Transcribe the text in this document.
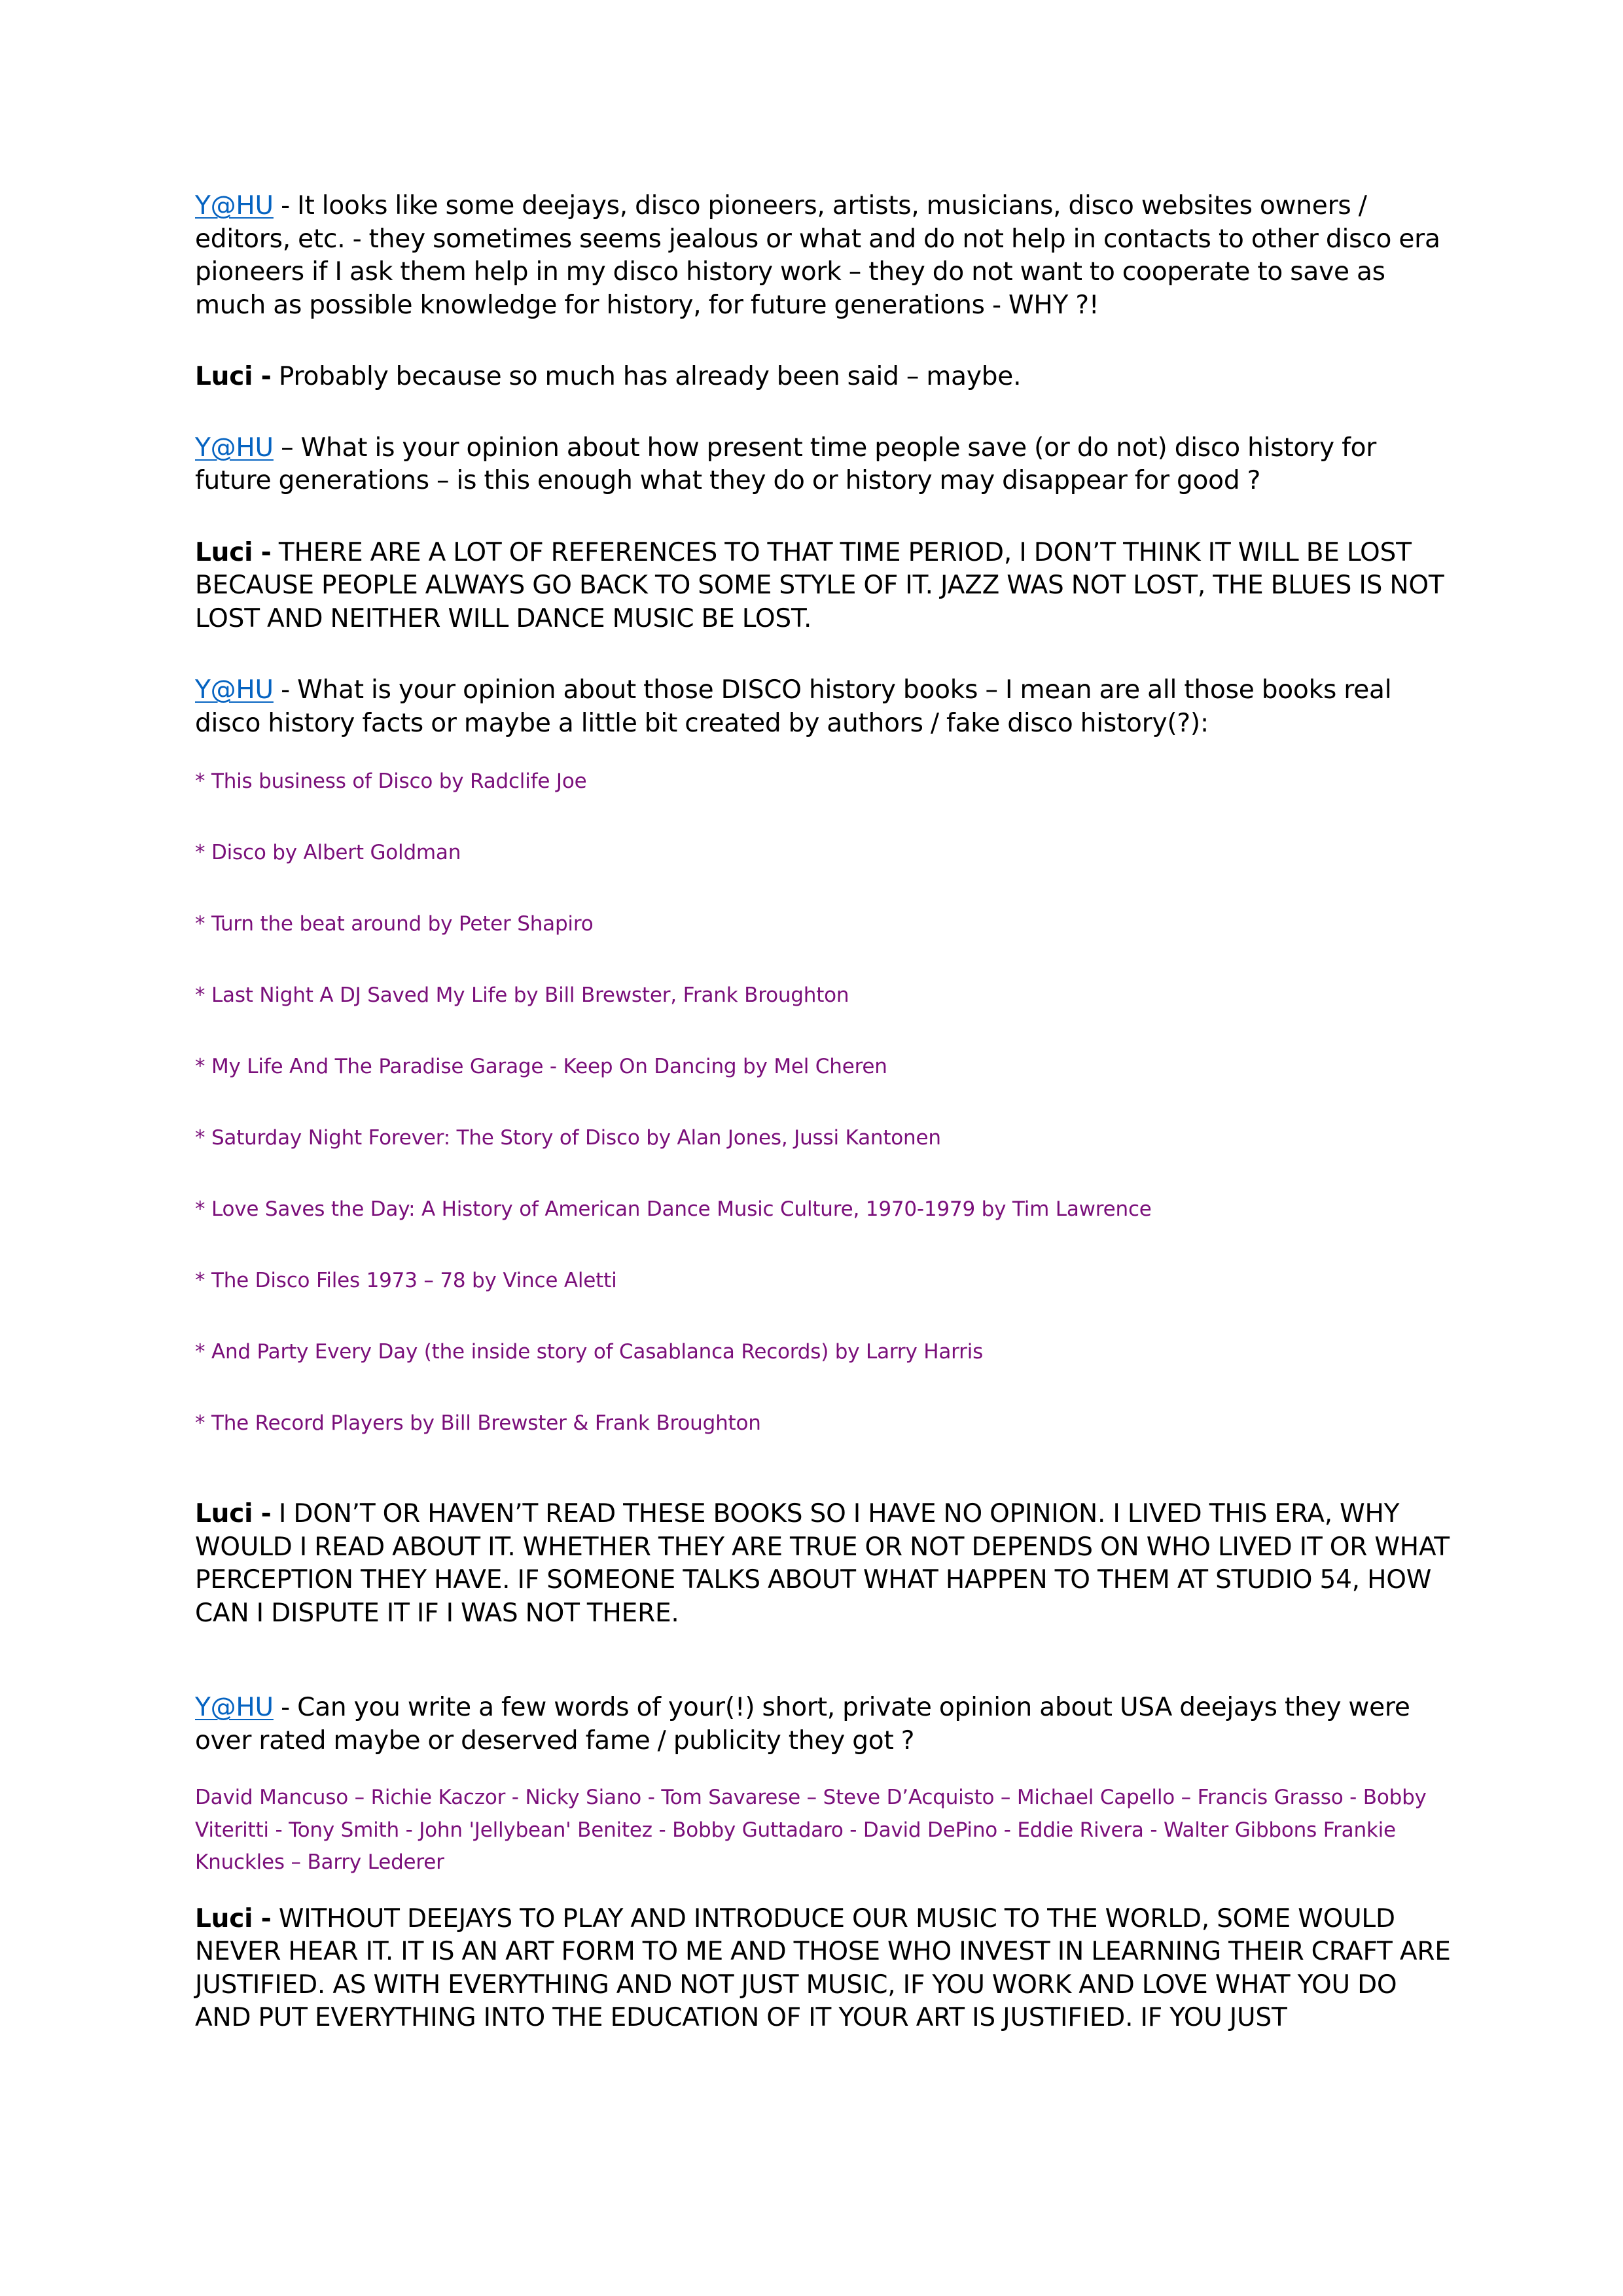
Y@HU - It looks like some deejays, disco pioneers, artists, musicians, disco websites owners / editors, etc. - they sometimes seems jealous or what and do not help in contacts to other disco era pioneers if I ask them help in my disco history work – they do not want to cooperate to save as much as possible knowledge for history, for future generations - WHY ?!

Luci - Probably because so much has already been said – maybe.

Y@HU – What is your opinion about how present time people save (or do not) disco history for future generations – is this enough what they do or history may disappear for good ?

Luci - THERE ARE A LOT OF REFERENCES TO THAT TIME PERIOD, I DON’T THINK IT WILL BE LOST BECAUSE PEOPLE ALWAYS GO BACK TO SOME STYLE OF IT. JAZZ WAS NOT LOST, THE BLUES IS NOT LOST AND NEITHER WILL DANCE MUSIC BE LOST.

Y@HU - What is your opinion about those DISCO history books – I mean are all those books real disco history facts or maybe a little bit created by authors / fake disco history(?):

* This business of Disco by Radclife Joe

* Disco by Albert Goldman

* Turn the beat around by Peter Shapiro

* Last Night A DJ Saved My Life by Bill Brewster, Frank Broughton

* My Life And The Paradise Garage - Keep On Dancing by Mel Cheren

* Saturday Night Forever: The Story of Disco by Alan Jones, Jussi Kantonen

* Love Saves the Day: A History of American Dance Music Culture, 1970-1979 by Tim Lawrence

* The Disco Files 1973 – 78 by Vince Aletti

* And Party Every Day (the inside story of Casablanca Records) by Larry Harris

* The Record Players by Bill Brewster & Frank Broughton

Luci - I DON’T OR HAVEN’T READ THESE BOOKS SO I HAVE NO OPINION. I LIVED THIS ERA, WHY WOULD I READ ABOUT IT. WHETHER THEY ARE TRUE OR NOT DEPENDS ON WHO LIVED IT OR WHAT PERCEPTION THEY HAVE. IF SOMEONE TALKS ABOUT WHAT HAPPEN TO THEM AT STUDIO 54, HOW CAN I DISPUTE IT IF I WAS NOT THERE.

Y@HU - Can you write a few words of your(!) short, private opinion about USA deejays they were over rated maybe or deserved fame / publicity they got ?

David Mancuso – Richie Kaczor - Nicky Siano - Tom Savarese – Steve D’Acquisto – Michael Capello – Francis Grasso - Bobby Viteritti - Tony Smith - John 'Jellybean' Benitez - Bobby Guttadaro - David DePino - Eddie Rivera - Walter Gibbons Frankie Knuckles – Barry Lederer

Luci - WITHOUT DEEJAYS TO PLAY AND INTRODUCE OUR MUSIC TO THE WORLD, SOME WOULD NEVER HEAR IT. IT IS AN ART FORM TO ME AND THOSE WHO INVEST IN LEARNING THEIR CRAFT ARE JUSTIFIED. AS WITH EVERYTHING AND NOT JUST MUSIC, IF YOU WORK AND LOVE WHAT YOU DO AND PUT EVERYTHING INTO THE EDUCATION OF IT YOUR ART IS JUSTIFIED. IF YOU JUST
